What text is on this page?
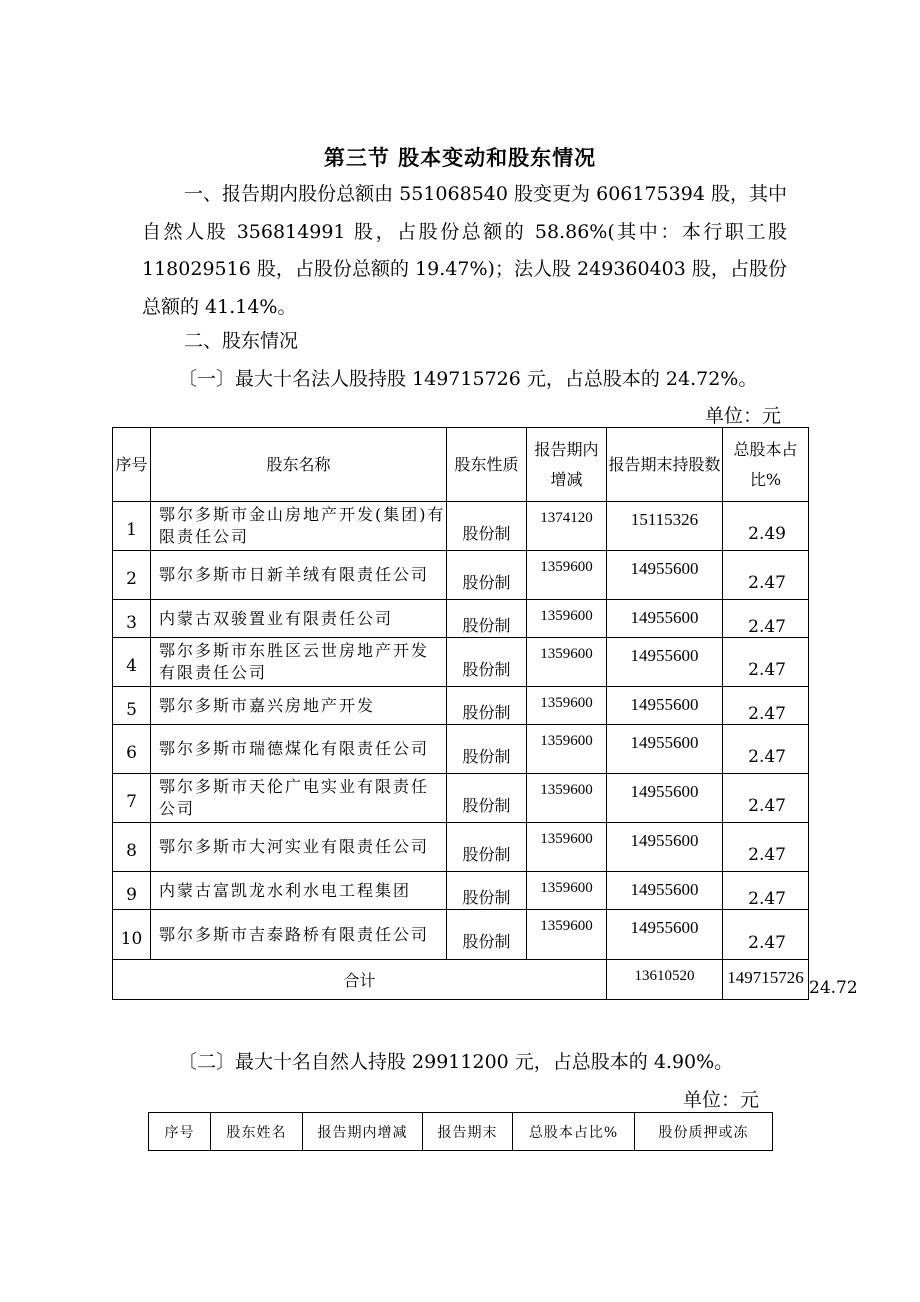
第三节 股本变动和股东情况
一、报告期内股份总额由 551068540 股变更为 606175394 股，其中自然人股 356814991 股，占股份总额的 58.86%(其中：本行职工股 118029516 股，占股份总额的 19.47%)；法人股 249360403 股，占股份总额的 41.14%。
二、股东情况
〔一〕最大十名法人股持股 149715726 元，占总股本的 24.72%。
单位：元
序号	股东名称	股东性质	报告期内增减	报告期末持股数	总股本占比%	
1	鄂尔多斯市金山房地产开发(集团)有限责任公司	股份制	1374120	15115326	2.49	
2	鄂尔多斯市日新羊绒有限责任公司	股份制	1359600	14955600	2.47	
3	内蒙古双骏置业有限责任公司	股份制	1359600	14955600	2.47	
4	鄂尔多斯市东胜区云世房地产开发有限责任公司	股份制	1359600	14955600	2.47	
5	鄂尔多斯市嘉兴房地产开发	股份制	1359600	14955600	2.47	
6	鄂尔多斯市瑞德煤化有限责任公司	股份制	1359600	14955600	2.47	
7	鄂尔多斯市天伦广电实业有限责任公司	股份制	1359600	14955600	2.47	
8	鄂尔多斯市大河实业有限责任公司	股份制	1359600	14955600	2.47	
9	内蒙古富凯龙水利水电工程集团	股份制	1359600	14955600	2.47	
10	鄂尔多斯市吉泰路桥有限责任公司	股份制	1359600	14955600	2.47	
合计				13610520	149715726	24.72
〔二〕最大十名自然人持股 29911200 元，占总股本的 4.90%。
单位：元
序号	股东姓名	报告期内增减	报告期末	总股本占比%	股份质押或冻
